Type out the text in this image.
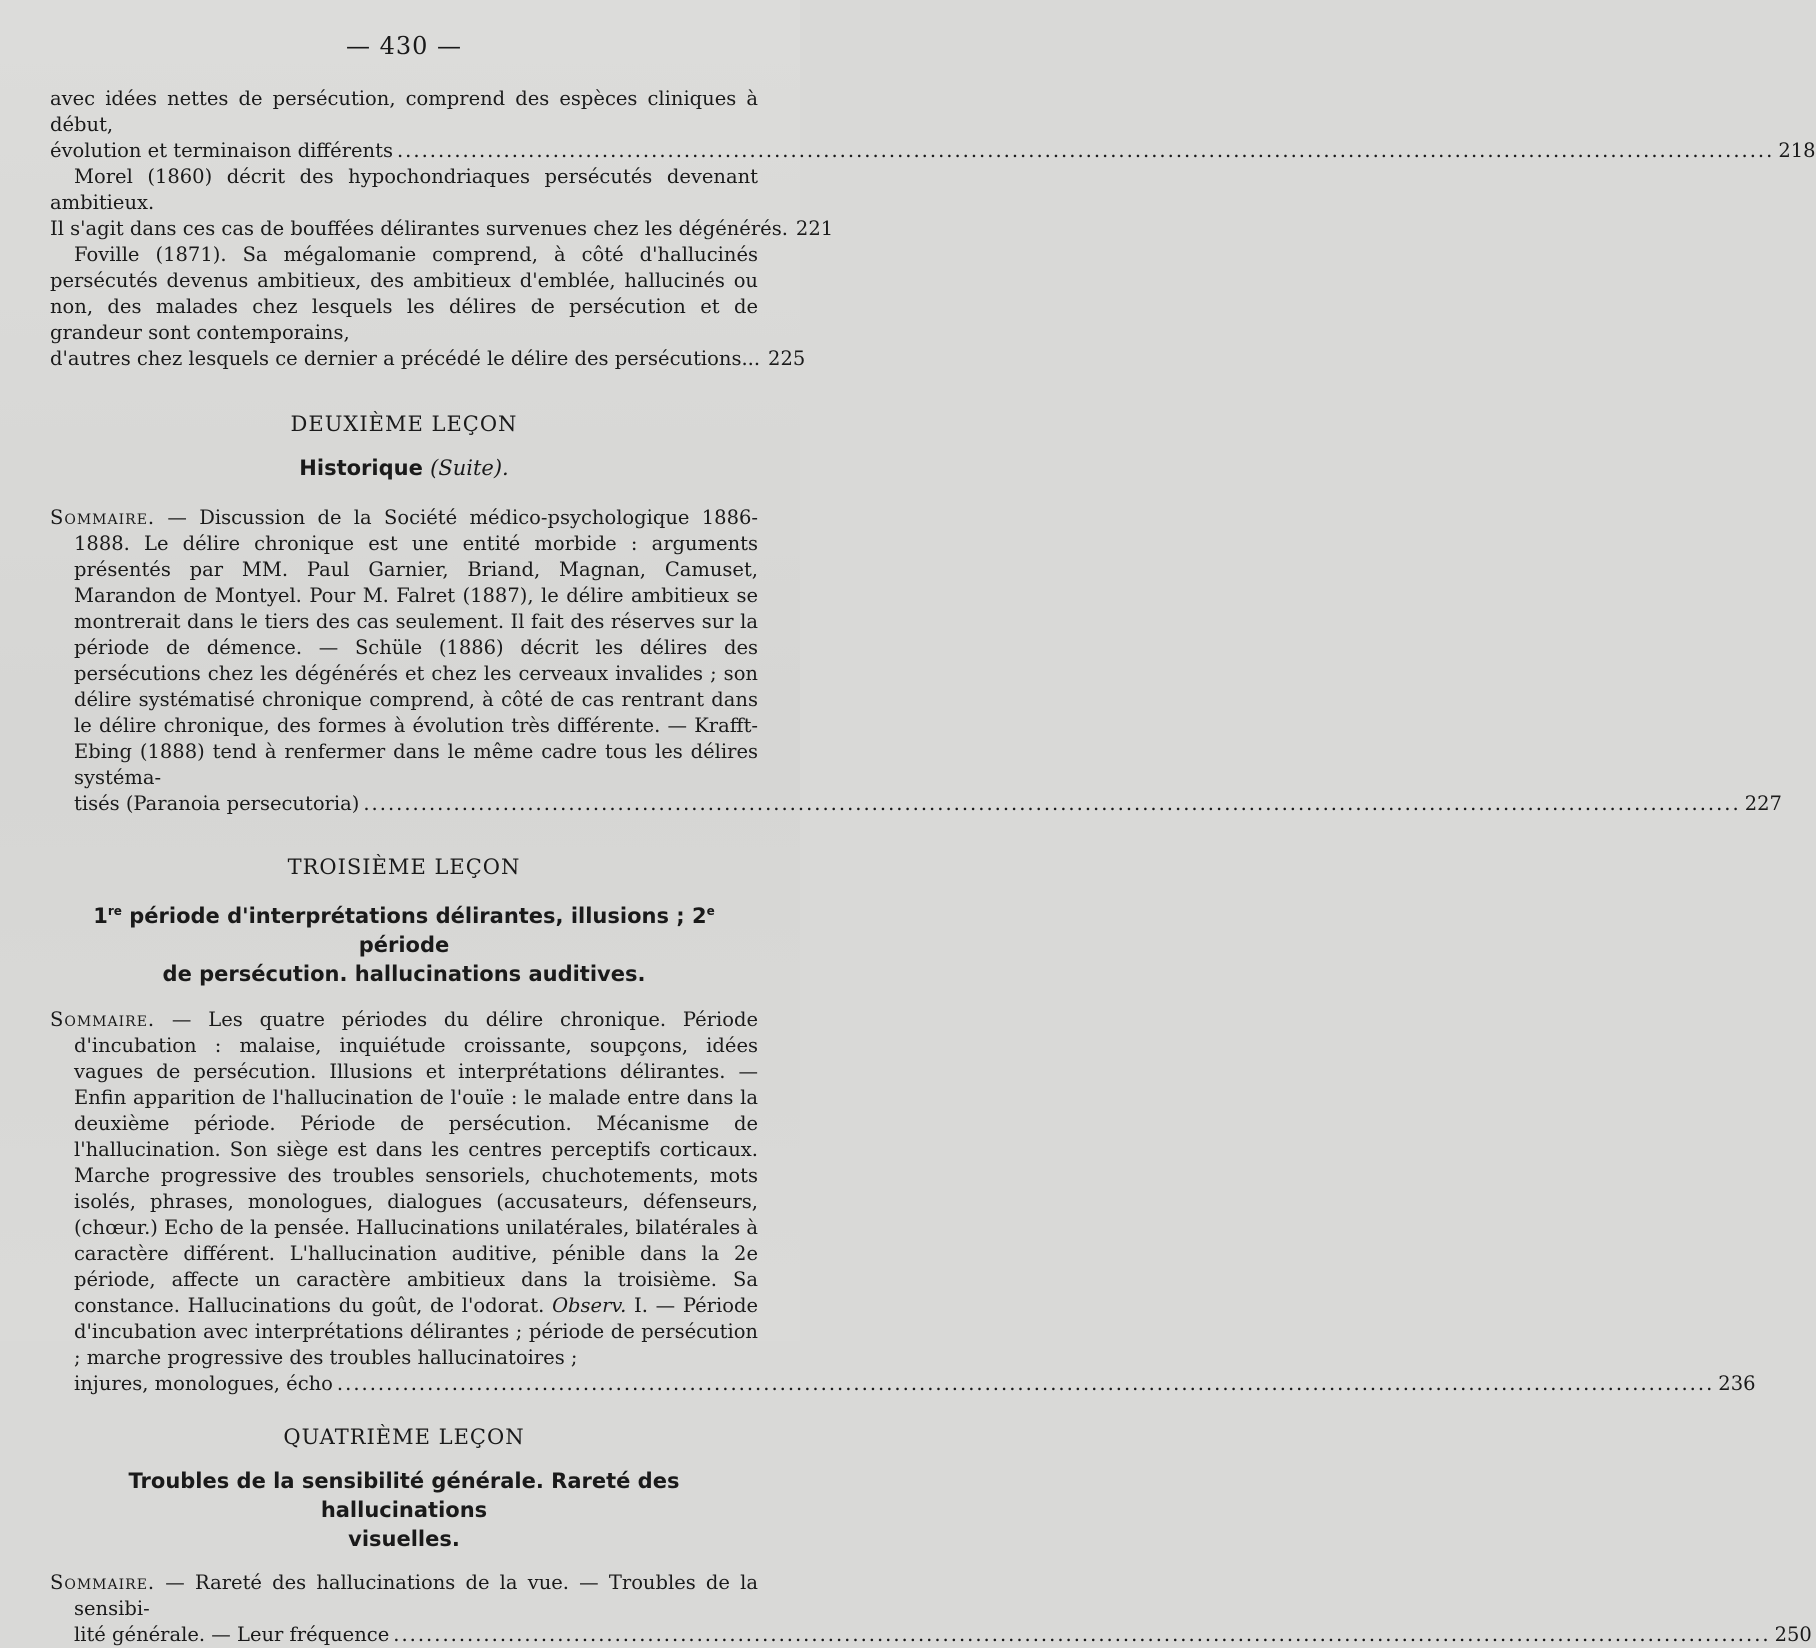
— 430 —

avec idées nettes de persécution, comprend des espèces cliniques à début,

évolution et terminaison différents .....	218

Morel (1860) décrit des hypochondriaques persécutés devenant ambitieux.

Il s'agit dans ces cas de bouffées délirantes survenues chez les dégénérés. 221

Foville (1871). Sa mégalomanie comprend, à côté d'hallucinés persécutés devenus ambitieux, des ambitieux d'emblée, hallucinés ou non, des malades chez lesquels les délires de persécution et de grandeur sont contemporains,

d'autres chez lesquels ce dernier a précédé le délire des persécutions... 225

DEUXIÈME LEÇON

Historique (Suite).

Sommaire. — Discussion de la Société médico-psychologique 1886-1888. Le délire chronique est une entité morbide : arguments présentés par MM. Paul Garnier, Briand, Magnan, Camuset, Marandon de Montyel. Pour M. Falret (1887), le délire ambitieux se montrerait dans le tiers des cas seulement. Il fait des réserves sur la période de démence. — Schüle (1886) décrit les délires des persécutions chez les dégénérés et chez les cerveaux invalides ; son délire systématisé chronique comprend, à côté de cas rentrant dans le délire chronique, des formes à évolution très différente. — Krafft-Ebing (1888) tend à renfermer dans le même cadre tous les délires systéma-

tisés (Paranoia persecutoria) .....	227

TROISIÈME LEÇON

1re période d'interprétations délirantes, illusions ; 2e période
de persécution. hallucinations auditives.

Sommaire. — Les quatre périodes du délire chronique. Période d'incubation : malaise, inquiétude croissante, soupçons, idées vagues de persécution. Illusions et interprétations délirantes. — Enfin apparition de l'hallucination de l'ouïe : le malade entre dans la deuxième période. Période de persécution. Mécanisme de l'hallucination. Son siège est dans les centres perceptifs corticaux. Marche progressive des troubles sensoriels, chuchotements, mots isolés, phrases, monologues, dialogues (accusateurs, défenseurs, (chœur.) Echo de la pensée. Hallucinations unilatérales, bilatérales à caractère différent. L'hallucination auditive, pénible dans la 2e période, affecte un caractère ambitieux dans la troisième. Sa constance. Hallucinations du goût, de l'odorat. Observ. I. — Période d'incubation avec interprétations délirantes ; période de persécution ; marche progressive des troubles hallucinatoires ;

injures, monologues, écho .....	236

QUATRIÈME LEÇON

Troubles de la sensibilité générale. Rareté des hallucinations
visuelles.

Sommaire. — Rareté des hallucinations de la vue. — Troubles de la sensibi-

lité générale. — Leur fréquence .....	250
